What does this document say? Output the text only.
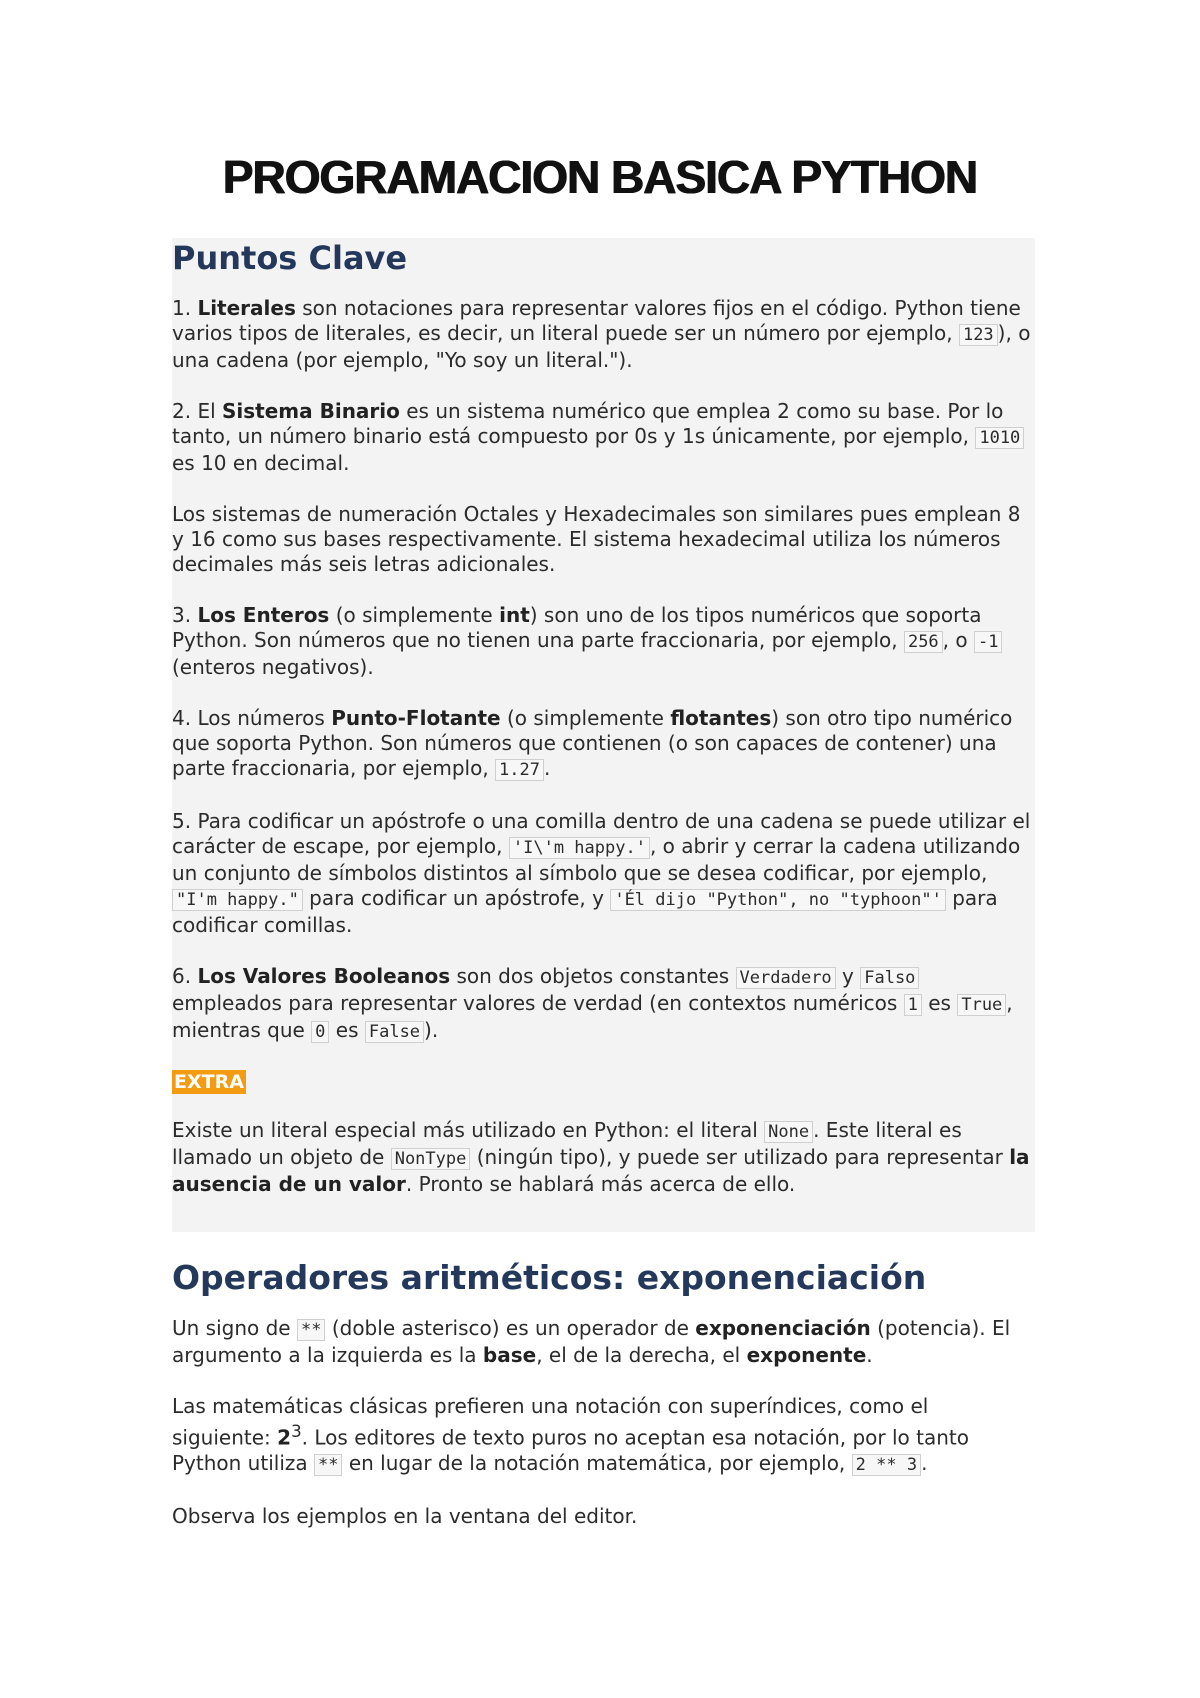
PROGRAMACION BASICA PYTHON
Puntos Clave

1. Literales son notaciones para representar valores fijos en el código. Python tiene varios tipos de literales, es decir, un literal puede ser un número por ejemplo, 123 ), o una cadena (por ejemplo, "Yo soy un literal.").

2. El Sistema Binario es un sistema numérico que emplea 2 como su base. Por lo tanto, un número binario está compuesto por 0s y 1s únicamente, por ejemplo, 1010 es 10 en decimal.

Los sistemas de numeración Octales y Hexadecimales son similares pues emplean 8 y 16 como sus bases respectivamente. El sistema hexadecimal utiliza los números decimales más seis letras adicionales.

3. Los Enteros (o simplemente int) son uno de los tipos numéricos que soporta Python. Son números que no tienen una parte fraccionaria, por ejemplo, 256 , o -1 (enteros negativos).

4. Los números Punto-Flotante (o simplemente flotantes) son otro tipo numérico que soporta Python. Son números que contienen (o son capaces de contener) una parte fraccionaria, por ejemplo, 1.27 .

5. Para codificar un apóstrofe o una comilla dentro de una cadena se puede utilizar el carácter de escape, por ejemplo, 'I\'m happy.' , o abrir y cerrar la cadena utilizando un conjunto de símbolos distintos al símbolo que se desea codificar, por ejemplo, "I'm happy." para codificar un apóstrofe, y 'Él dijo "Python", no "typhoon"' para codificar comillas.

6. Los Valores Booleanos son dos objetos constantes Verdadero y Falso empleados para representar valores de verdad (en contextos numéricos 1 es True , mientras que 0 es False ).

EXTRA

Existe un literal especial más utilizado en Python: el literal None . Este literal es llamado un objeto de NonType (ningún tipo), y puede ser utilizado para representar la ausencia de un valor. Pronto se hablará más acerca de ello.

Operadores aritméticos: exponenciación

Un signo de ** (doble asterisco) es un operador de exponenciación (potencia). El argumento a la izquierda es la base, el de la derecha, el exponente.

Las matemáticas clásicas prefieren una notación con superíndices, como el siguiente: $2^3$. Los editores de texto puros no aceptan esa notación, por lo tanto Python utiliza ** en lugar de la notación matemática, por ejemplo, 2 ** 3 .

Observa los ejemplos en la ventana del editor.
